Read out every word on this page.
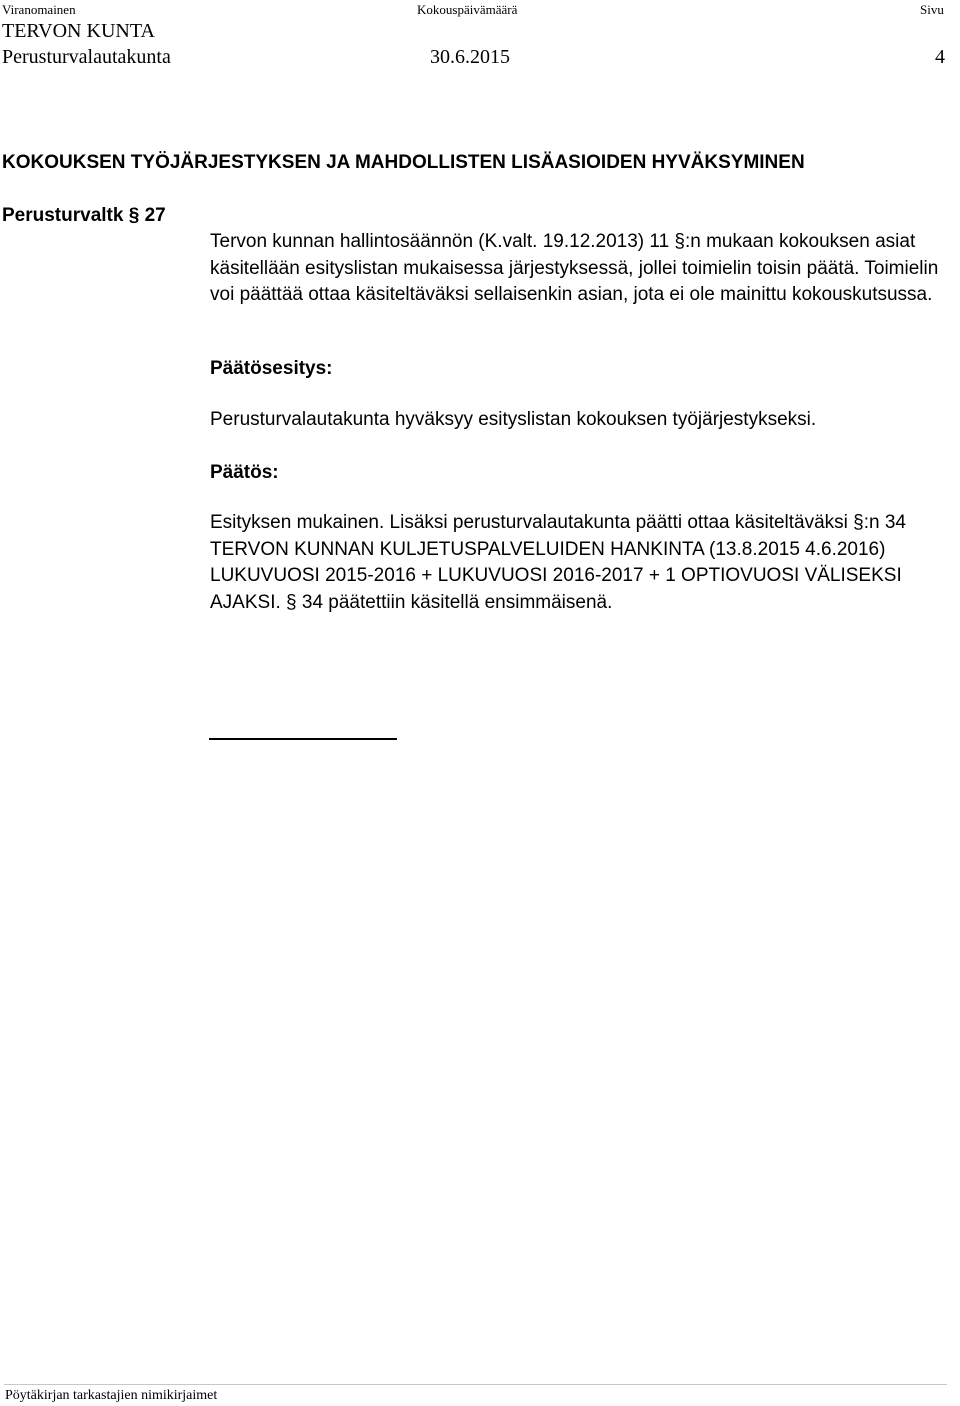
Viranomainen	Kokouspäivämäärä	Sivu
TERVON KUNTA
Perusturvalautakunta	30.6.2015	4
KOKOUKSEN TYÖJÄRJESTYKSEN JA MAHDOLLISTEN LISÄASIOIDEN HYVÄKSYMINEN
Perusturvaltk § 27
Tervon kunnan hallintosäännön (K.valt. 19.12.2013) 11 §:n mukaan kokouksen asiat käsitellään esityslistan mukaisessa järjestyksessä, jollei toimielin toisin päätä. Toimielin voi päättää ottaa käsiteltäväksi sellaisenkin asian, jota ei ole mainittu kokouskutsussa.
Päätösesitys:
Perusturvalautakunta hyväksyy esityslistan kokouksen työjärjestykseksi.
Päätös:
Esityksen mukainen. Lisäksi perusturvalautakunta päätti ottaa käsiteltäväksi §:n 34 TERVON KUNNAN KULJETUSPALVELUIDEN HANKINTA (13.8.2015 4.6.2016) LUKUVUOSI 2015-2016 + LUKUVUOSI 2016-2017 + 1 OPTIOVUOSI VÄLISEKSI AJAKSI. § 34 päätettiin käsitellä ensimmäisenä.
Pöytäkirjan tarkastajien nimikirjaimet
